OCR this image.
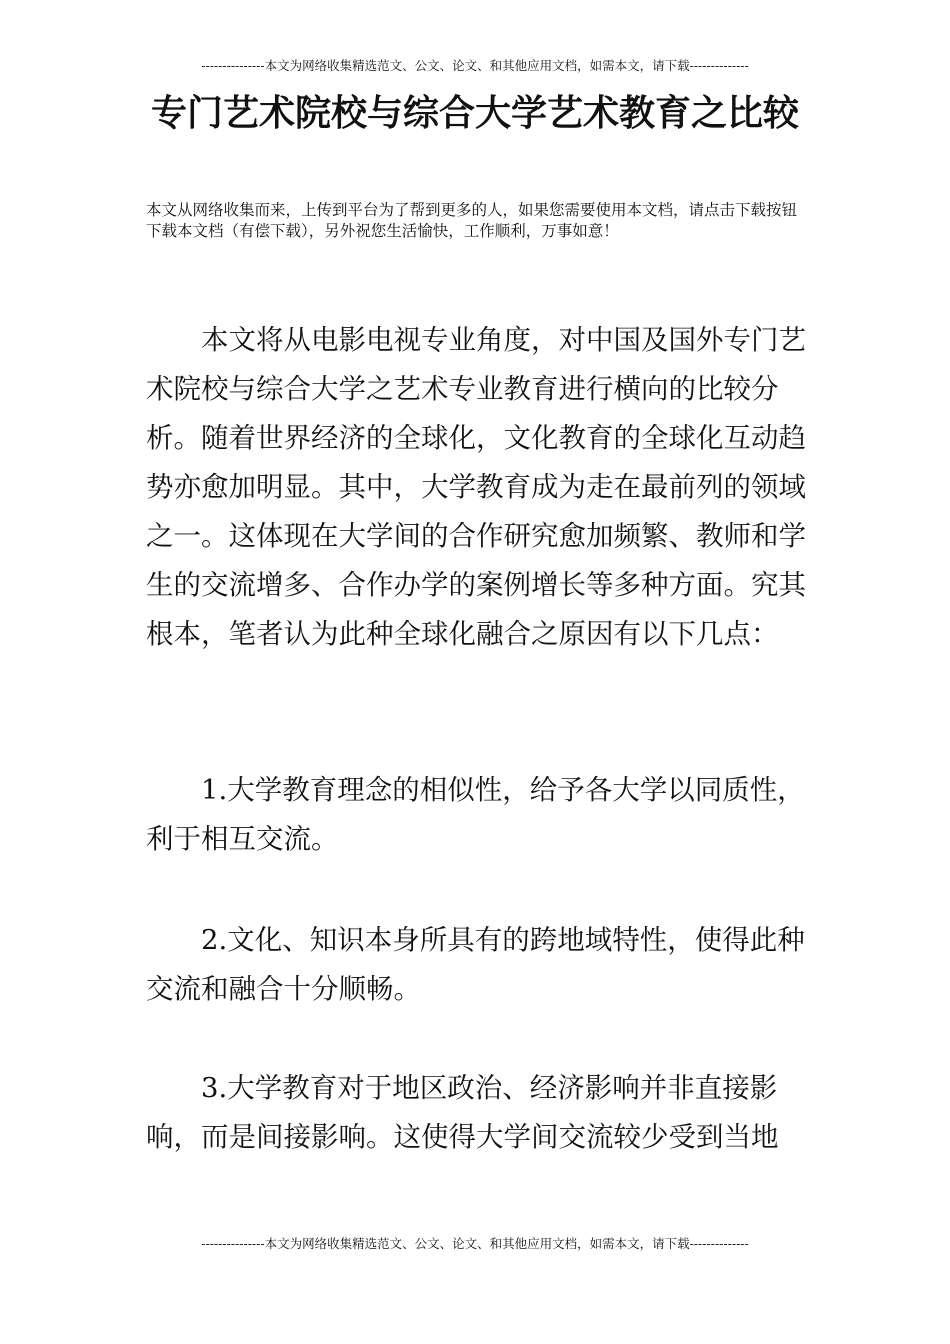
---------------本文为网络收集精选范文、公文、论文、和其他应用文档，如需本文，请下载--------------
专门艺术院校与综合大学艺术教育之比较
本文从网络收集而来，上传到平台为了帮到更多的人，如果您需要使用本文档，请点击下载按钮下载本文档（有偿下载），另外祝您生活愉快，工作顺利，万事如意！

本文将从电影电视专业角度，对中国及国外专门艺术院校与综合大学之艺术专业教育进行横向的比较分析。随着世界经济的全球化，文化教育的全球化互动趋势亦愈加明显。其中，大学教育成为走在最前列的领域之一。这体现在大学间的合作研究愈加频繁、教师和学生的交流增多、合作办学的案例增长等多种方面。究其根本，笔者认为此种全球化融合之原因有以下几点：

1.大学教育理念的相似性，给予各大学以同质性，利于相互交流。

2.文化、知识本身所具有的跨地域特性，使得此种交流和融合十分顺畅。

3.大学教育对于地区政治、经济影响并非直接影响，而是间接影响。这使得大学间交流较少受到当地

---------------本文为网络收集精选范文、公文、论文、和其他应用文档，如需本文，请下载--------------
